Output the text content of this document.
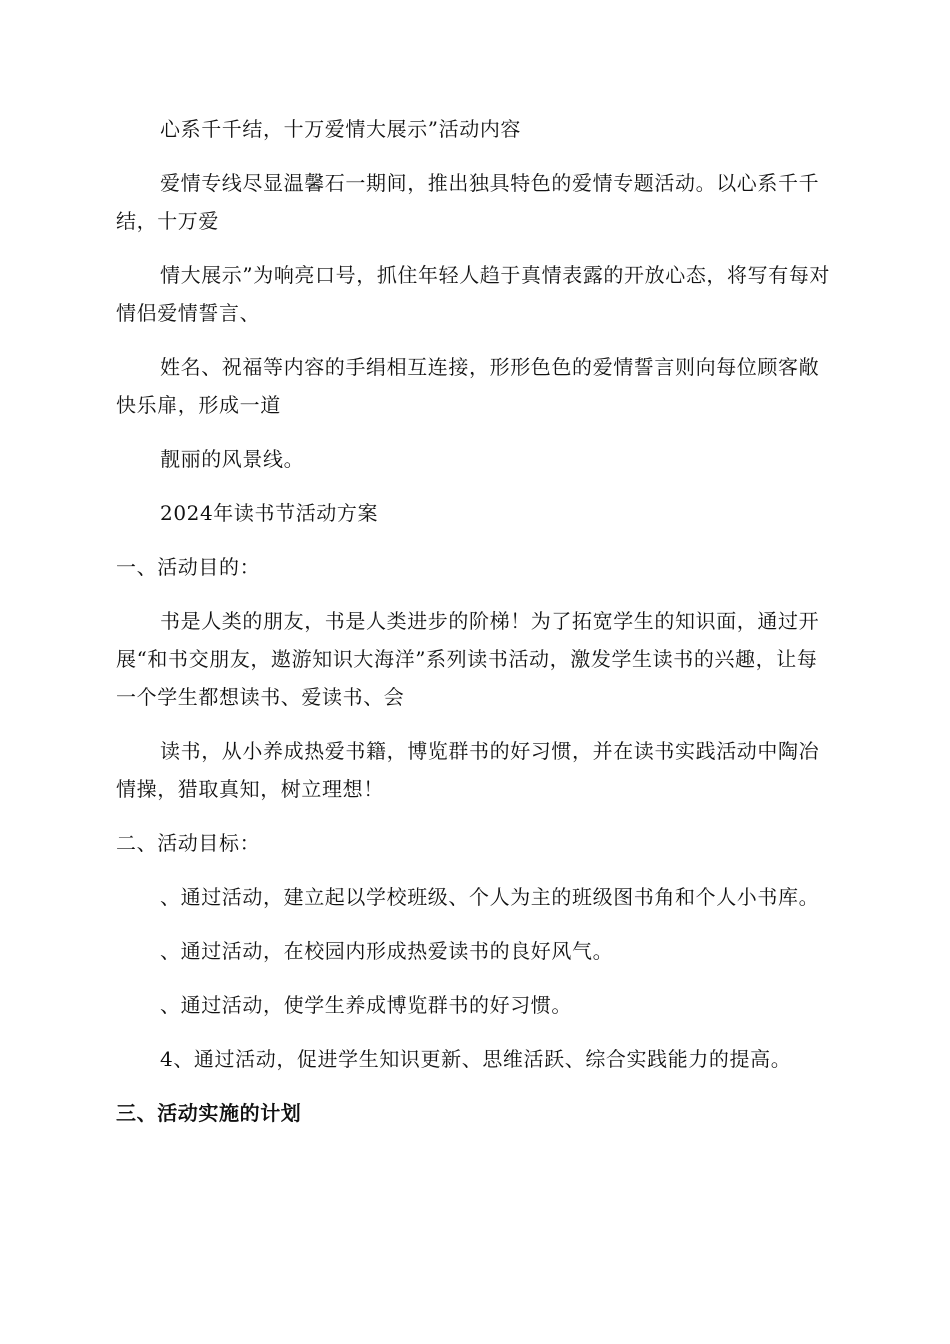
心系千千结，十万爱情大展示”活动内容

爱情专线尽显温馨石一期间，推出独具特色的爱情专题活动。以心系千千结，十万爱

情大展示”为响亮口号，抓住年轻人趋于真情表露的开放心态，将写有每对情侣爱情誓言、

姓名、祝福等内容的手绢相互连接，形形色色的爱情誓言则向每位顾客敞快乐扉，形成一道

靓丽的风景线。

2024年读书节活动方案

一、活动目的：

书是人类的朋友，书是人类进步的阶梯！为了拓宽学生的知识面，通过开展“和书交朋友，遨游知识大海洋”系列读书活动，激发学生读书的兴趣，让每一个学生都想读书、爱读书、会

读书，从小养成热爱书籍，博览群书的好习惯，并在读书实践活动中陶冶情操，猎取真知，树立理想！

二、活动目标：

、通过活动，建立起以学校班级、个人为主的班级图书角和个人小书库。

、通过活动，在校园内形成热爱读书的良好风气。

、通过活动，使学生养成博览群书的好习惯。

4、通过活动，促进学生知识更新、思维活跃、综合实践能力的提高。

三、活动实施的计划
